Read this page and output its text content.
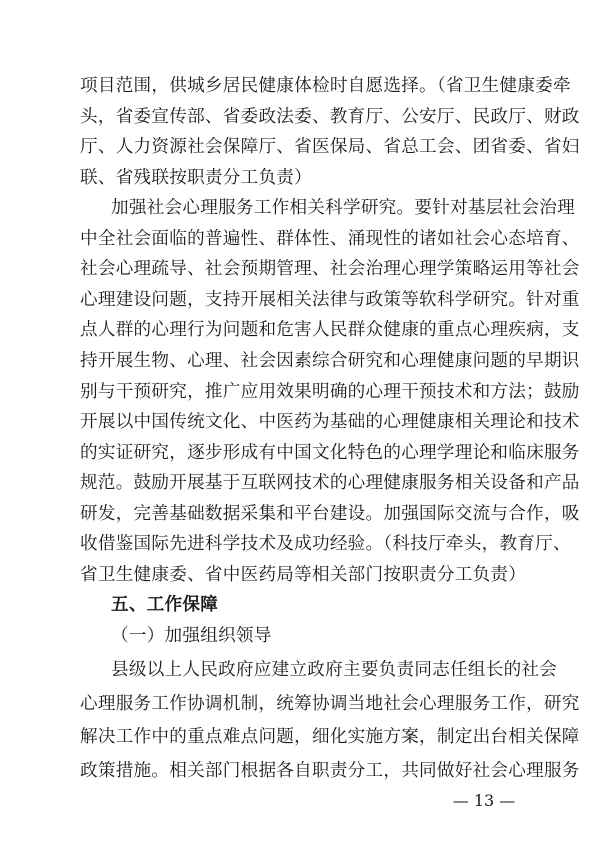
项目范围，供城乡居民健康体检时自愿选择。（省卫生健康委牵
头，省委宣传部、省委政法委、教育厅、公安厅、民政厅、财政
厅、人力资源社会保障厅、省医保局、省总工会、团省委、省妇
联、省残联按职责分工负责）
加强社会心理服务工作相关科学研究。要针对基层社会治理
中全社会面临的普遍性、群体性、涌现性的诸如社会心态培育、
社会心理疏导、社会预期管理、社会治理心理学策略运用等社会
心理建设问题，支持开展相关法律与政策等软科学研究。针对重
点人群的心理行为问题和危害人民群众健康的重点心理疾病，支
持开展生物、心理、社会因素综合研究和心理健康问题的早期识
别与干预研究，推广应用效果明确的心理干预技术和方法；鼓励
开展以中国传统文化、中医药为基础的心理健康相关理论和技术
的实证研究，逐步形成有中国文化特色的心理学理论和临床服务
规范。鼓励开展基于互联网技术的心理健康服务相关设备和产品
研发，完善基础数据采集和平台建设。加强国际交流与合作，吸
收借鉴国际先进科学技术及成功经验。（科技厅牵头，教育厅、
省卫生健康委、省中医药局等相关部门按职责分工负责）
五、工作保障
（一）加强组织领导
县级以上人民政府应建立政府主要负责同志任组长的社会
心理服务工作协调机制，统筹协调当地社会心理服务工作，研究
解决工作中的重点难点问题，细化实施方案，制定出台相关保障
政策措施。相关部门根据各自职责分工，共同做好社会心理服务
— 13 —
